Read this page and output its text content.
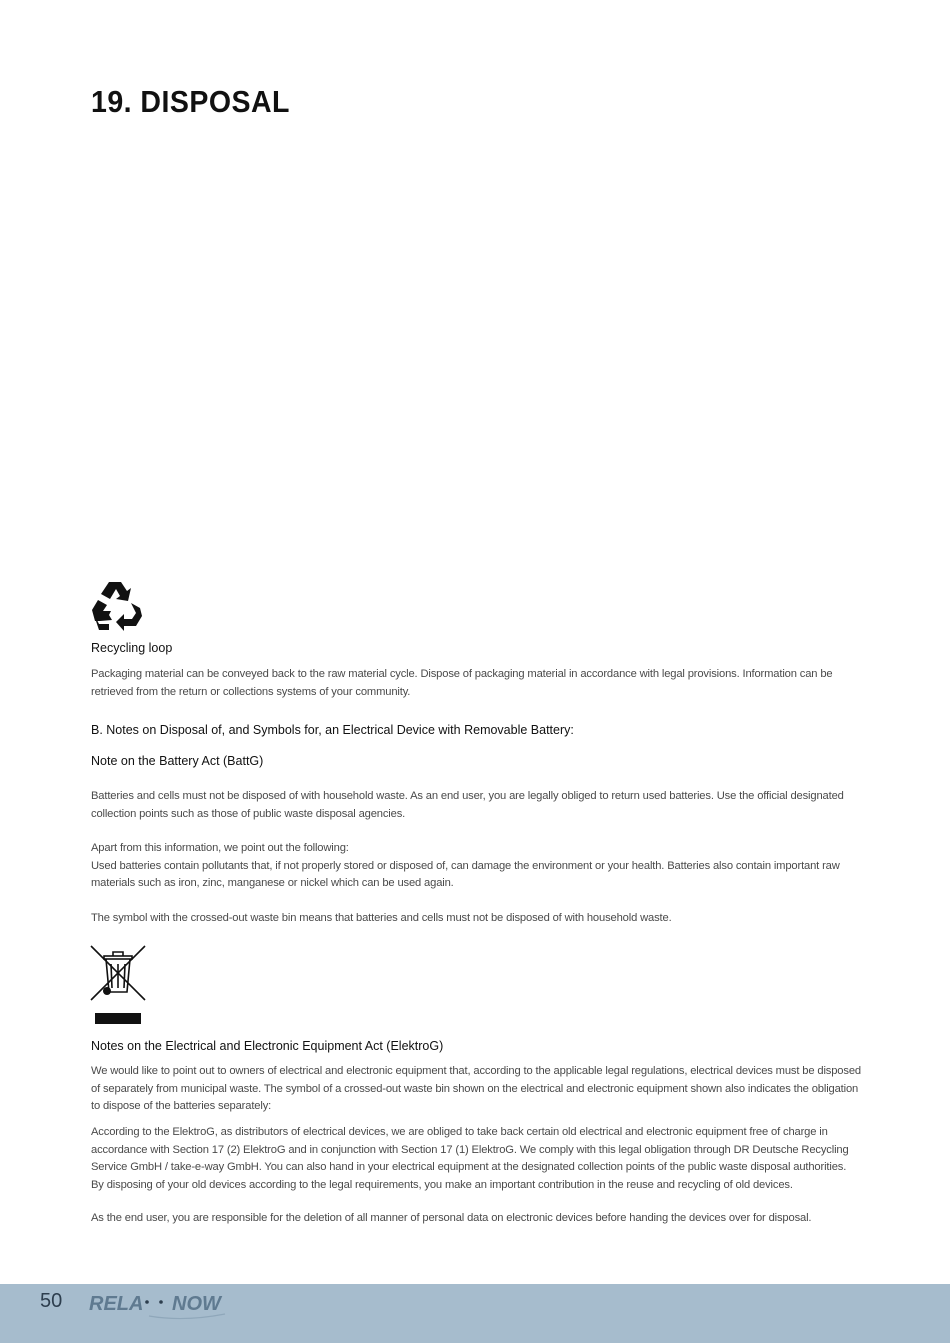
19. DISPOSAL

Recycling loop

Packaging material can be conveyed back to the raw material cycle. Dispose of packaging material in accordance with legal provisions. Information can be retrieved from the return or collections systems of your community.

B. Notes on Disposal of, and Symbols for, an Electrical Device with Removable Battery:

Note on the Battery Act (BattG)

Batteries and cells must not be disposed of with household waste. As an end user, you are legally obliged to return used batteries. Use the official designated collection points such as those of public waste disposal agencies.

Apart from this information, we point out the following:

Used batteries contain pollutants that, if not properly stored or disposed of, can damage the environment or your health. Batteries also contain important raw materials such as iron, zinc, manganese or nickel which can be used again.

The symbol with the crossed-out waste bin means that batteries and cells must not be disposed of with household waste.

Notes on the Electrical and Electronic Equipment Act (ElektroG)

We would like to point out to owners of electrical and electronic equipment that, according to the applicable legal regulations, electrical devices must be disposed of separately from municipal waste. The symbol of a crossed-out waste bin shown on the electrical and electronic equipment shown also indicates the obligation to dispose of the batteries separately:

According to the ElektroG, as distributors of electrical devices, we are obliged to take back certain old electrical and electronic equipment free of charge in accordance with Section 17 (2) ElektroG and in conjunction with Section 17 (1) ElektroG. We comply with this legal obligation through DR Deutsche Recycling Service GmbH / take-e-way GmbH. You can also hand in your electrical equipment at the designated collection points of the public waste disposal authorities. By disposing of your old devices according to the legal requirements, you make an important contribution in the reuse and recycling of old devices.

As the end user, you are responsible for the deletion of all manner of personal data on electronic devices before handing the devices over for disposal.

50 RELA NOW
